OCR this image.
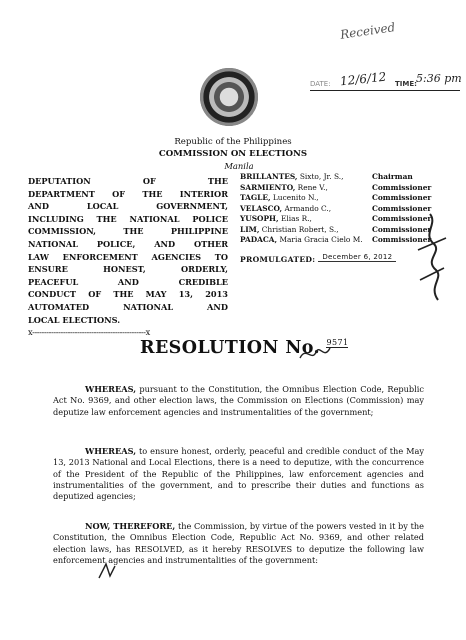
Received
DATE: 12/6/12 TIME: 5:36 pm
Republic of the Philippines
COMMISSION ON ELECTIONS
Manila
DEPUTATION OF THE
DEPARTMENT OF THE INTERIOR
AND LOCAL GOVERNMENT,
INCLUDING THE NATIONAL POLICE
COMMISSION, THE PHILIPPINE
NATIONAL POLICE, AND OTHER
LAW ENFORCEMENT AGENCIES TO
ENSURE HONEST, ORDERLY,
PEACEFUL AND CREDIBLE
CONDUCT OF THE MAY 13, 2013
AUTOMATED NATIONAL AND
LOCAL ELECTIONS.
x------------------------------------------------x
BRILLANTES, Sixto, Jr. S.,
SARMIENTO, Rene V.,
TAGLE, Lucenito N.,
VELASCO, Armando C.,
YUSOPH, Elias R.,
LIM, Christian Robert, S.,
PADACA, Maria Gracia Cielo M.
Chairman
Commissioner
Commissioner
Commissioner
Commissioner
Commissioner
Commissioner
PROMULGATED: December 6, 2012
RESOLUTION No. $^{9571}$

WHEREAS, pursuant to the Constitution, the Omnibus Election Code, Republic Act No. 9369, and other election laws, the Commission on Elections (Commission) may deputize law enforcement agencies and instrumentalities of the government;

WHEREAS, to ensure honest, orderly, peaceful and credible conduct of the May 13, 2013 National and Local Elections, there is a need to deputize, with the concurrence of the President of the Republic of the Philippines, law enforcement agencies and instrumentalities of the government, and to prescribe their duties and functions as deputized agencies;

NOW, THEREFORE, the Commission, by virtue of the powers vested in it by the Constitution, the Omnibus Election Code, Republic Act No. 9369, and other related election laws, has RESOLVED, as it hereby RESOLVES to deputize the following law enforcement agencies and instrumentalities of the government:
